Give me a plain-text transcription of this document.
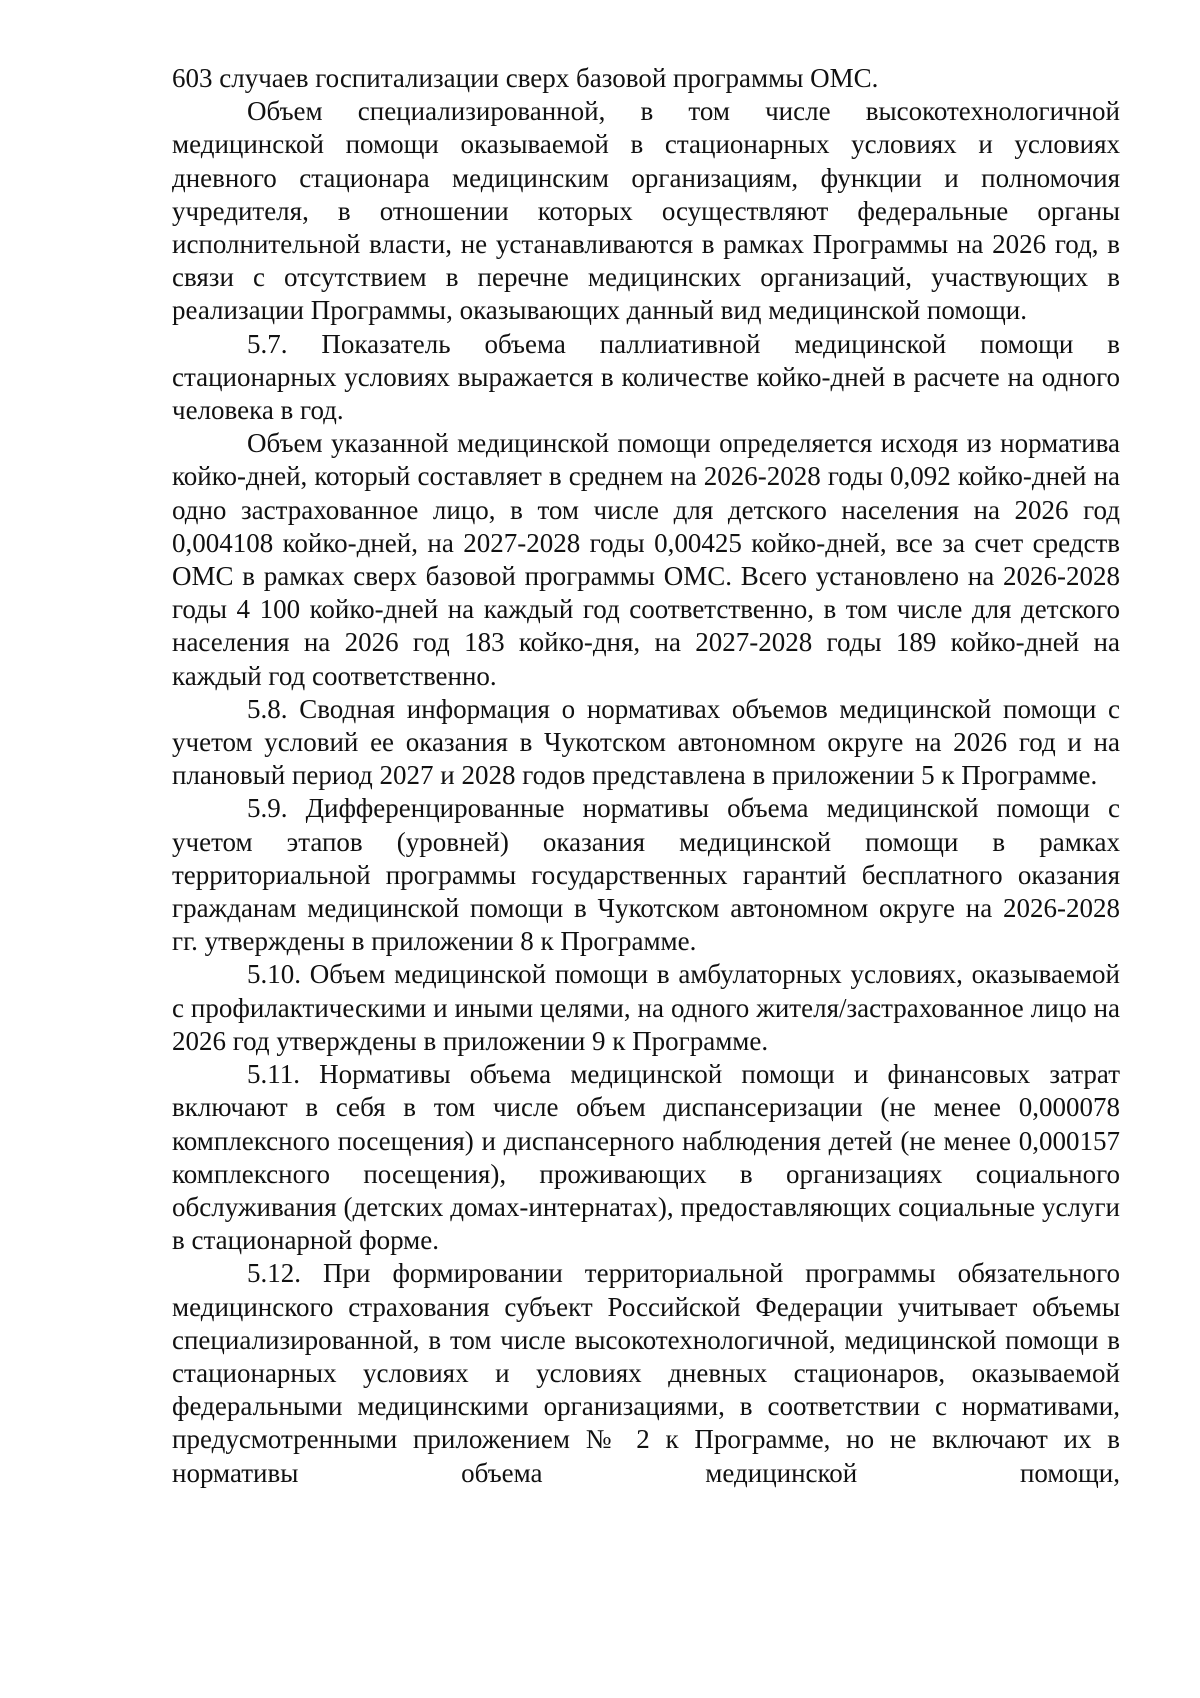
603 случаев госпитализации сверх базовой программы ОМС.

Объем специализированной, в том числе высокотехнологичной медицинской помощи оказываемой в стационарных условиях и условиях дневного стационара медицинским организациям, функции и полномочия учредителя, в отношении которых осуществляют федеральные органы исполнительной власти, не устанавливаются в рамках Программы на 2026 год, в связи с отсутствием в перечне медицинских организаций, участвующих в реализации Программы, оказывающих данный вид медицинской помощи.

5.7. Показатель объема паллиативной медицинской помощи в стационарных условиях выражается в количестве койко-дней в расчете на одного человека в год.

Объем указанной медицинской помощи определяется исходя из норматива койко-дней, который составляет в среднем на 2026-2028 годы 0,092 койко-дней на одно застрахованное лицо, в том числе для детского населения на 2026 год 0,004108 койко-дней, на 2027-2028 годы 0,00425 койко-дней, все за счет средств ОМС в рамках сверх базовой программы ОМС. Всего установлено на 2026-2028 годы 4 100 койко-дней на каждый год соответственно, в том числе для детского населения на 2026 год 183 койко-дня, на 2027-2028 годы 189 койко-дней на каждый год соответственно.

5.8. Сводная информация о нормативах объемов медицинской помощи с учетом условий ее оказания в Чукотском автономном округе на 2026 год и на плановый период 2027 и 2028 годов представлена в приложении 5 к Программе.

5.9. Дифференцированные нормативы объема медицинской помощи с учетом этапов (уровней) оказания медицинской помощи в рамках территориальной программы государственных гарантий бесплатного оказания гражданам медицинской помощи в Чукотском автономном округе на 2026-2028 гг. утверждены в приложении 8 к Программе.

5.10. Объем медицинской помощи в амбулаторных условиях, оказываемой с профилактическими и иными целями, на одного жителя/застрахованное лицо на 2026 год утверждены в приложении 9 к Программе.

5.11. Нормативы объема медицинской помощи и финансовых затрат включают в себя в том числе объем диспансеризации (не менее 0,000078 комплексного посещения) и диспансерного наблюдения детей (не менее 0,000157 комплексного посещения), проживающих в организациях социального обслуживания (детских домах-интернатах), предоставляющих социальные услуги в стационарной форме.

5.12. При формировании территориальной программы обязательного медицинского страхования субъект Российской Федерации учитывает объемы специализированной, в том числе высокотехнологичной, медицинской помощи в стационарных условиях и условиях дневных стационаров, оказываемой федеральными медицинскими организациями, в соответствии с нормативами, предусмотренными приложением № 2 к Программе, но не включают их в нормативы объема медицинской помощи,
